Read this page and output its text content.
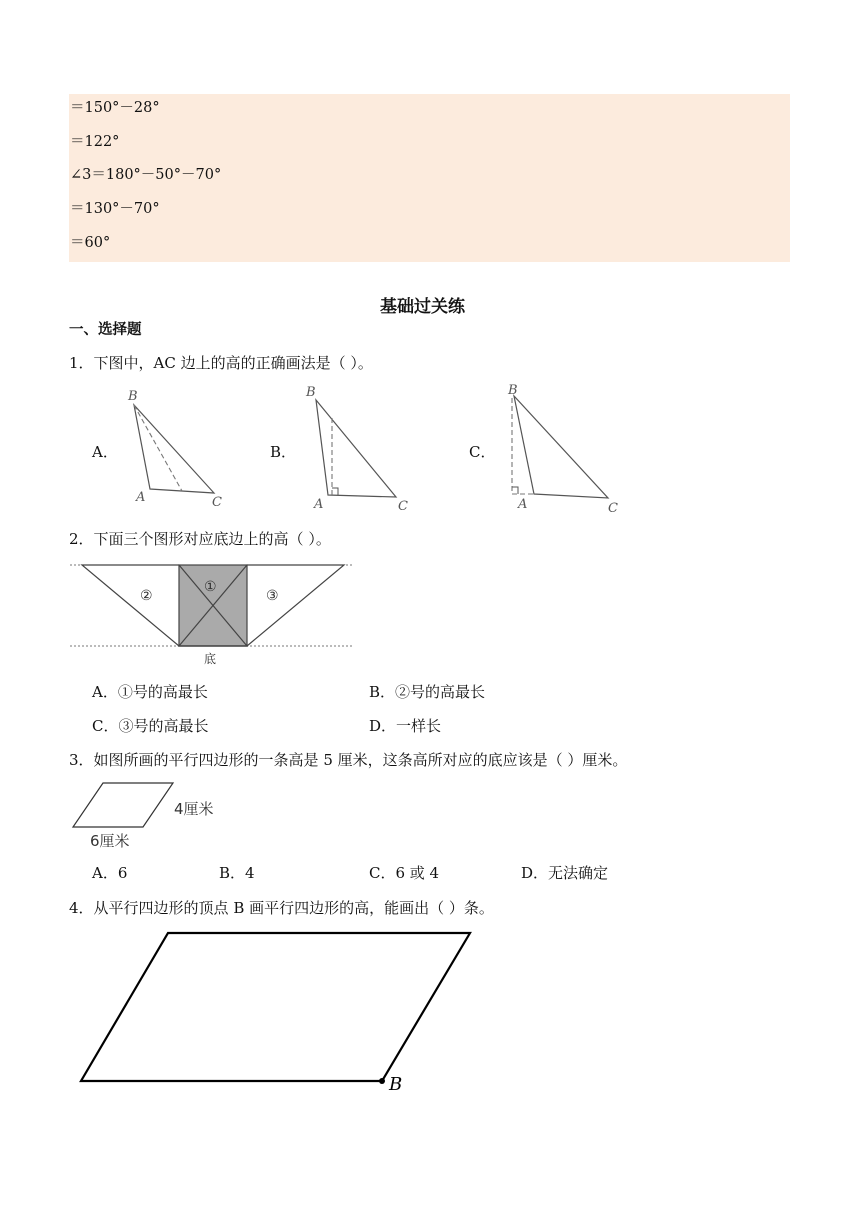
＝150°－28°
＝122°
∠3＝180°－50°－70°
＝130°－70°
＝60°
基础过关练
一、选择题
1．下图中，AC 边上的高的正确画法是（ ）。
A．	B．	C．
B
A	C
B
A	C
B
A	C
2．下面三个图形对应底边上的高（ ）。
①
②	③
底
A．①号的高最长	B．②号的高最长
C．③号的高最长	D．一样长
3．如图所画的平行四边形的一条高是 5 厘米，这条高所对应的底应该是（ ）厘米。
4厘米
6厘米
A．6	B．4	C．6 或 4	D．无法确定
4．从平行四边形的顶点 B 画平行四边形的高，能画出（ ）条。
B
